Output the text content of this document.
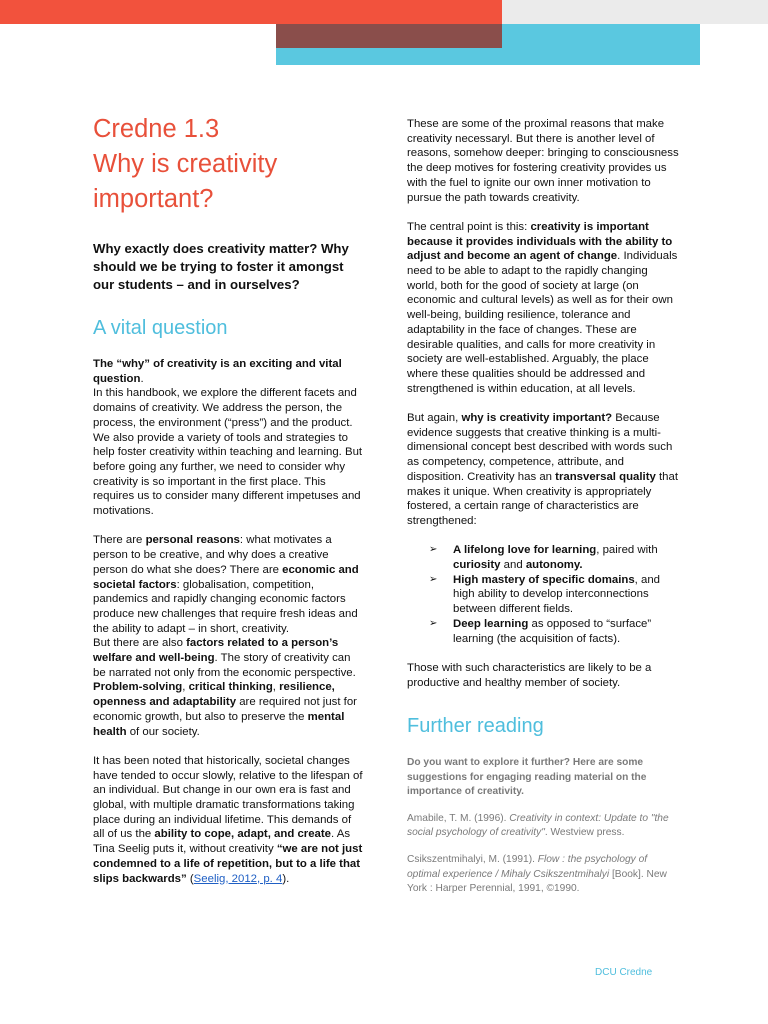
Credne 1.3
Why is creativity
important?

Why exactly does creativity matter? Why should we be trying to foster it amongst our students – and in ourselves?

A vital question

The “why” of creativity is an exciting and vital question.
In this handbook, we explore the different facets and domains of creativity. We address the person, the process, the environment (“press”) and the product. We also provide a variety of tools and strategies to help foster creativity within teaching and learning. But before going any further, we need to consider why creativity is so important in the first place. This requires us to consider many different impetuses and motivations.

There are personal reasons: what motivates a person to be creative, and why does a creative person do what she does? There are economic and societal factors: globalisation, competition, pandemics and rapidly changing economic factors produce new challenges that require fresh ideas and the ability to adapt – in short, creativity.

But there are also factors related to a person’s welfare and well-being. The story of creativity can be narrated not only from the economic perspective. Problem-solving, critical thinking, resilience, openness and adaptability are required not just for economic growth, but also to preserve the mental health of our society.

It has been noted that historically, societal changes have tended to occur slowly, relative to the lifespan of an individual. But change in our own era is fast and global, with multiple dramatic transformations taking place during an individual lifetime. This demands of all of us the ability to cope, adapt, and create. As Tina Seelig puts it, without creativity “we are not just condemned to a life of repetition, but to a life that slips backwards” (Seelig, 2012, p. 4).

These are some of the proximal reasons that make creativity necessaryl. But there is another level of reasons, somehow deeper: bringing to consciousness the deep motives for fostering creativity provides us with the fuel to ignite our own inner motivation to pursue the path towards creativity.

The central point is this: creativity is important because it provides individuals with the ability to adjust and become an agent of change. Individuals need to be able to adapt to the rapidly changing world, both for the good of society at large (on economic and cultural levels) as well as for their own well-being, building resilience, tolerance and adaptability in the face of changes. These are desirable qualities, and calls for more creativity in society are well-established. Arguably, the place where these qualities should be addressed and strengthened is within education, at all levels.

But again, why is creativity important? Because evidence suggests that creative thinking is a multi-dimensional concept best described with words such as competency, competence, attribute, and disposition. Creativity has an transversal quality that makes it unique. When creativity is appropriately fostered, a certain range of characteristics are strengthened:

➢ A lifelong love for learning, paired with curiosity and autonomy.
➢ High mastery of specific domains, and high ability to develop interconnections between different fields.
➢ Deep learning as opposed to “surface” learning (the acquisition of facts).

Those with such characteristics are likely to be a productive and healthy member of society.

Further reading

Do you want to explore it further? Here are some suggestions for engaging reading material on the importance of creativity.

Amabile, T. M. (1996). Creativity in context: Update to "the social psychology of creativity". Westview press.

Csikszentmihalyi, M. (1991). Flow : the psychology of optimal experience / Mihaly Csikszentmihalyi [Book]. New York : Harper Perennial, 1991, ©1990.

DCU Credne
